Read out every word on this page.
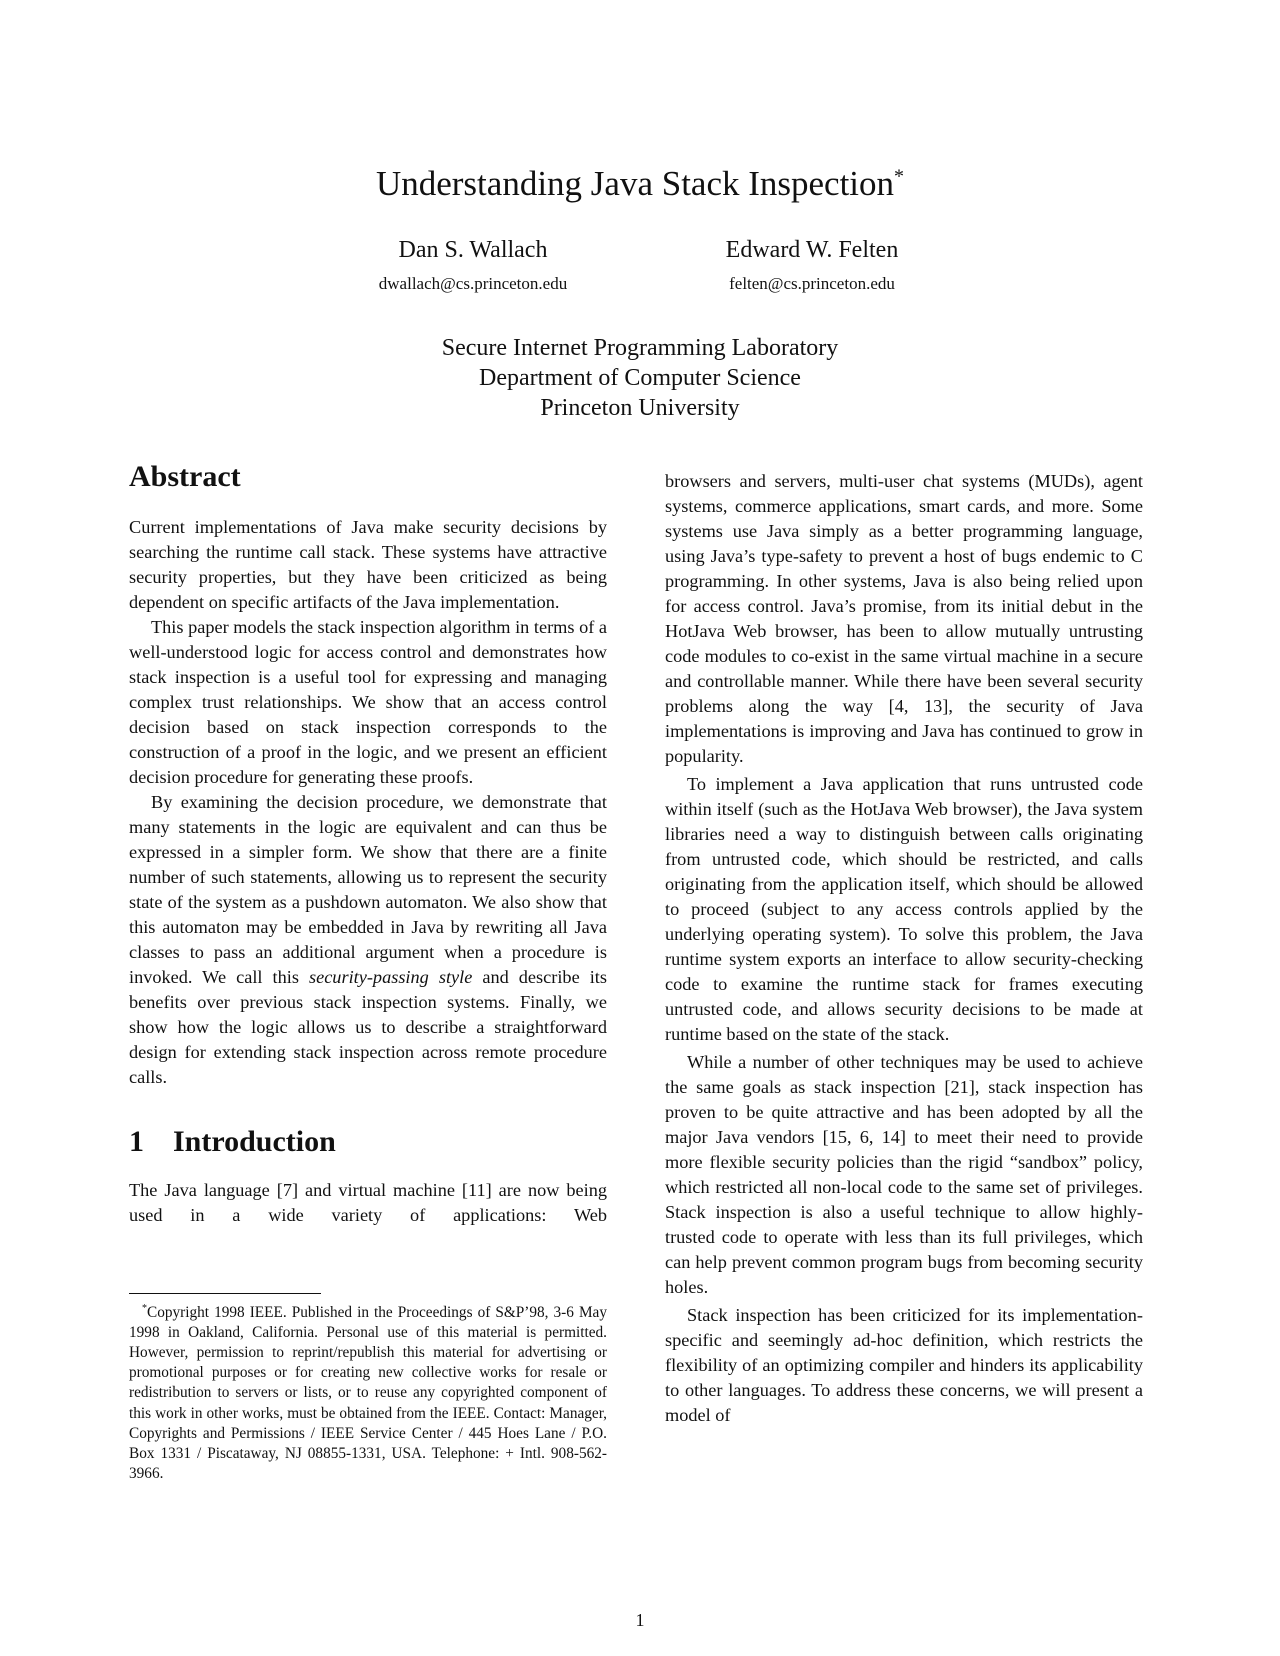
Understanding Java Stack Inspection*
Dan S. Wallach
dwallach@cs.princeton.edu
Edward W. Felten
felten@cs.princeton.edu
Secure Internet Programming Laboratory
Department of Computer Science
Princeton University
Abstract

Current implementations of Java make security decisions by searching the runtime call stack. These systems have attractive security properties, but they have been criticized as being dependent on specific artifacts of the Java implementation.

This paper models the stack inspection algorithm in terms of a well-understood logic for access control and demonstrates how stack inspection is a useful tool for expressing and managing complex trust relationships. We show that an access control decision based on stack inspection corresponds to the construction of a proof in the logic, and we present an efficient decision procedure for generating these proofs.

By examining the decision procedure, we demonstrate that many statements in the logic are equivalent and can thus be expressed in a simpler form. We show that there are a finite number of such statements, allowing us to represent the security state of the system as a pushdown automaton. We also show that this automaton may be embedded in Java by rewriting all Java classes to pass an additional argument when a procedure is invoked. We call this security-passing style and describe its benefits over previous stack inspection systems. Finally, we show how the logic allows us to describe a straightforward design for extending stack inspection across remote procedure calls.

1 Introduction

The Java language [7] and virtual machine [11] are now being used in a wide variety of applications: Web

*Copyright 1998 IEEE. Published in the Proceedings of S&P’98, 3-6 May 1998 in Oakland, California. Personal use of this material is permitted. However, permission to reprint/republish this material for advertising or promotional purposes or for creating new collective works for resale or redistribution to servers or lists, or to reuse any copyrighted component of this work in other works, must be obtained from the IEEE. Contact: Manager, Copyrights and Permissions / IEEE Service Center / 445 Hoes Lane / P.O. Box 1331 / Piscataway, NJ 08855-1331, USA. Telephone: + Intl. 908-562-3966.

browsers and servers, multi-user chat systems (MUDs), agent systems, commerce applications, smart cards, and more. Some systems use Java simply as a better programming language, using Java’s type-safety to prevent a host of bugs endemic to C programming. In other systems, Java is also being relied upon for access control. Java’s promise, from its initial debut in the HotJava Web browser, has been to allow mutually untrusting code modules to co-exist in the same virtual machine in a secure and controllable manner. While there have been several security problems along the way [4, 13], the security of Java implementations is improving and Java has continued to grow in popularity.

To implement a Java application that runs untrusted code within itself (such as the HotJava Web browser), the Java system libraries need a way to distinguish between calls originating from untrusted code, which should be restricted, and calls originating from the application itself, which should be allowed to proceed (subject to any access controls applied by the underlying operating system). To solve this problem, the Java runtime system exports an interface to allow security-checking code to examine the runtime stack for frames executing untrusted code, and allows security decisions to be made at runtime based on the state of the stack.

While a number of other techniques may be used to achieve the same goals as stack inspection [21], stack inspection has proven to be quite attractive and has been adopted by all the major Java vendors [15, 6, 14] to meet their need to provide more flexible security policies than the rigid “sandbox” policy, which restricted all non-local code to the same set of privileges. Stack inspection is also a useful technique to allow highly-trusted code to operate with less than its full privileges, which can help prevent common program bugs from becoming security holes.

Stack inspection has been criticized for its implementation-specific and seemingly ad-hoc definition, which restricts the flexibility of an optimizing compiler and hinders its applicability to other languages. To address these concerns, we will present a model of

1
